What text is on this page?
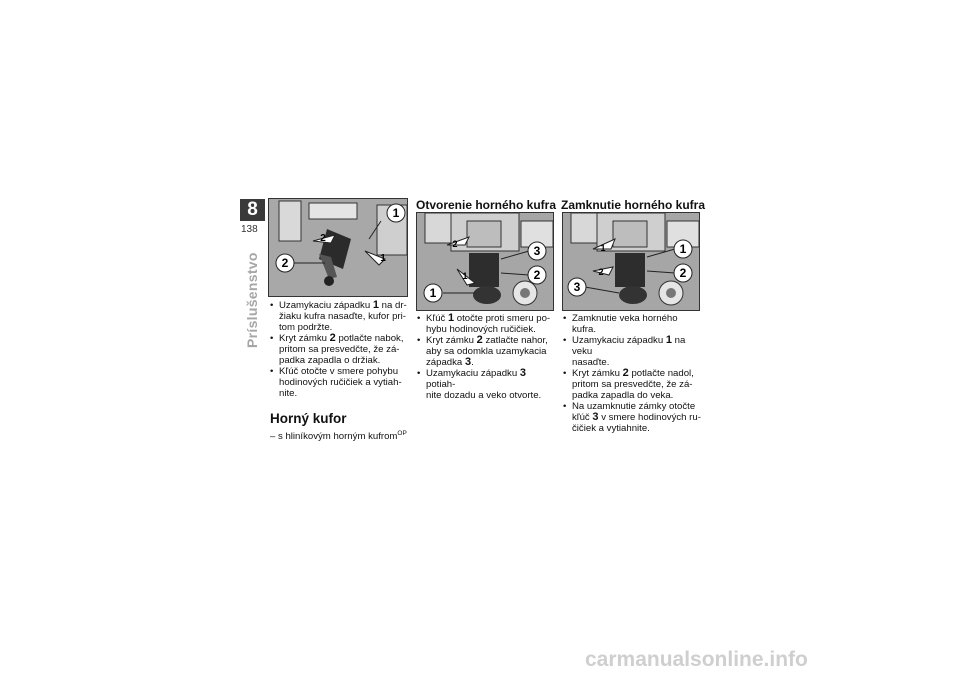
8
138
Príslušenstvo
1
2	1
2
• Uzamykaciu západku 1 na dr-
žiaku kufra nasaďte, kufor pri-
tom podržte.
• Kryt zámku 2 potlačte nabok,
pritom sa presvedčte, že zá-
padka zapadla o držiak.
• Kľúč otočte v smere pohybu
hodinových ručičiek a vytiah-
nite.
Horný kufor
– s hliníkovým horným kufrom$^{OP}$
Otvorenie horného kufra
3
2
1
1
2
• Kľúč 1 otočte proti smeru po-
hybu hodinových ručičiek.
• Kryt zámku 2 zatlačte nahor,
aby sa odomkla uzamykacia
západka 3.
• Uzamykaciu západku 3 potiah-
nite dozadu a veko otvorte.
Zamknutie horného kufra
1
2
3
1
2
• Zamknutie veka horného kufra.
• Uzamykaciu západku 1 na veku
nasaďte.
• Kryt zámku 2 potlačte nadol,
pritom sa presvedčte, že zá-
padka zapadla do veka.
• Na uzamknutie zámky otočte
kľúč 3 v smere hodinových ru-
čičiek a vytiahnite.
carmanualsonline.info
